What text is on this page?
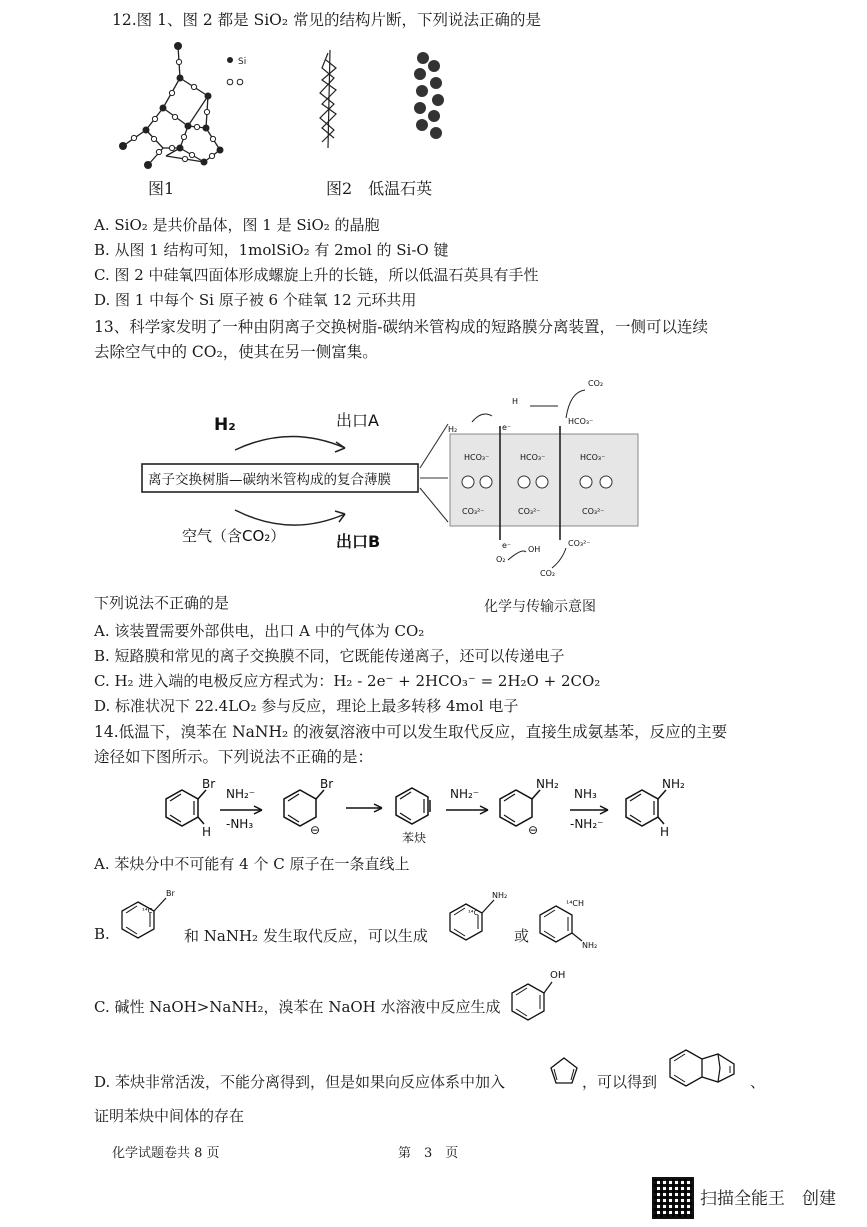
12.图 1、图 2 都是 SiO₂ 常见的结构片断，下列说法正确的是
Si
图1	图2　低温石英
A. SiO₂ 是共价晶体，图 1 是 SiO₂ 的晶胞
B. 从图 1 结构可知，1molSiO₂ 有 2mol 的 Si-O 键
C. 图 2 中硅氧四面体形成螺旋上升的长链，所以低温石英具有手性
D. 图 1 中每个 Si 原子被 6 个硅氧 12 元环共用
13、科学家发明了一种由阴离子交换树脂-碳纳米管构成的短路膜分离装置，一侧可以连续
去除空气中的 CO₂，使其在另一侧富集。
H₂	出口A
离子交换树脂—碳纳米管构成的复合薄膜
空气（含CO₂）	出口B
HCO₃⁻	HCO₃⁻	HCO₃⁻
CO₃²⁻	CO₃²⁻	CO₃²⁻
H₂	e⁻
e⁻
H
CO₂
HCO₃⁻
O₂
OH
CO₃²⁻
CO₂
下列说法不正确的是	化学与传输示意图
A. 该装置需要外部供电，出口 A 中的气体为 CO₂
B. 短路膜和常见的离子交换膜不同，它既能传递离子，还可以传递电子
C. H₂ 进入端的电极反应方程式为：H₂ - 2e⁻ + 2HCO₃⁻ = 2H₂O + 2CO₂
D. 标准状况下 22.4LO₂ 参与反应，理论上最多转移 4mol 电子
14.低温下，溴苯在 NaNH₂ 的液氨溶液中可以发生取代反应，直接生成氨基苯，反应的主要
途径如下图所示。下列说法不正确的是：
Br
H
NH₂⁻
-NH₃
Br
⊖
苯炔
NH₂⁻
NH₂
⊖
NH₃
-NH₂⁻
NH₂
H
A. 苯炔分中不可能有 4 个 C 原子在一条直线上
B.
¹⁴C
Br
和 NaNH₂ 发生取代反应，可以生成
¹⁴C
NH₂
或
¹⁴CH
NH₂
C. 碱性 NaOH>NaNH₂，溴苯在 NaOH 水溶液中反应生成
OH
D. 苯炔非常活泼，不能分离得到，但是如果向反应体系中加入	，可以得到	、
证明苯炔中间体的存在
化学试题卷共 8 页	第　3　页
扫描全能王　创建
